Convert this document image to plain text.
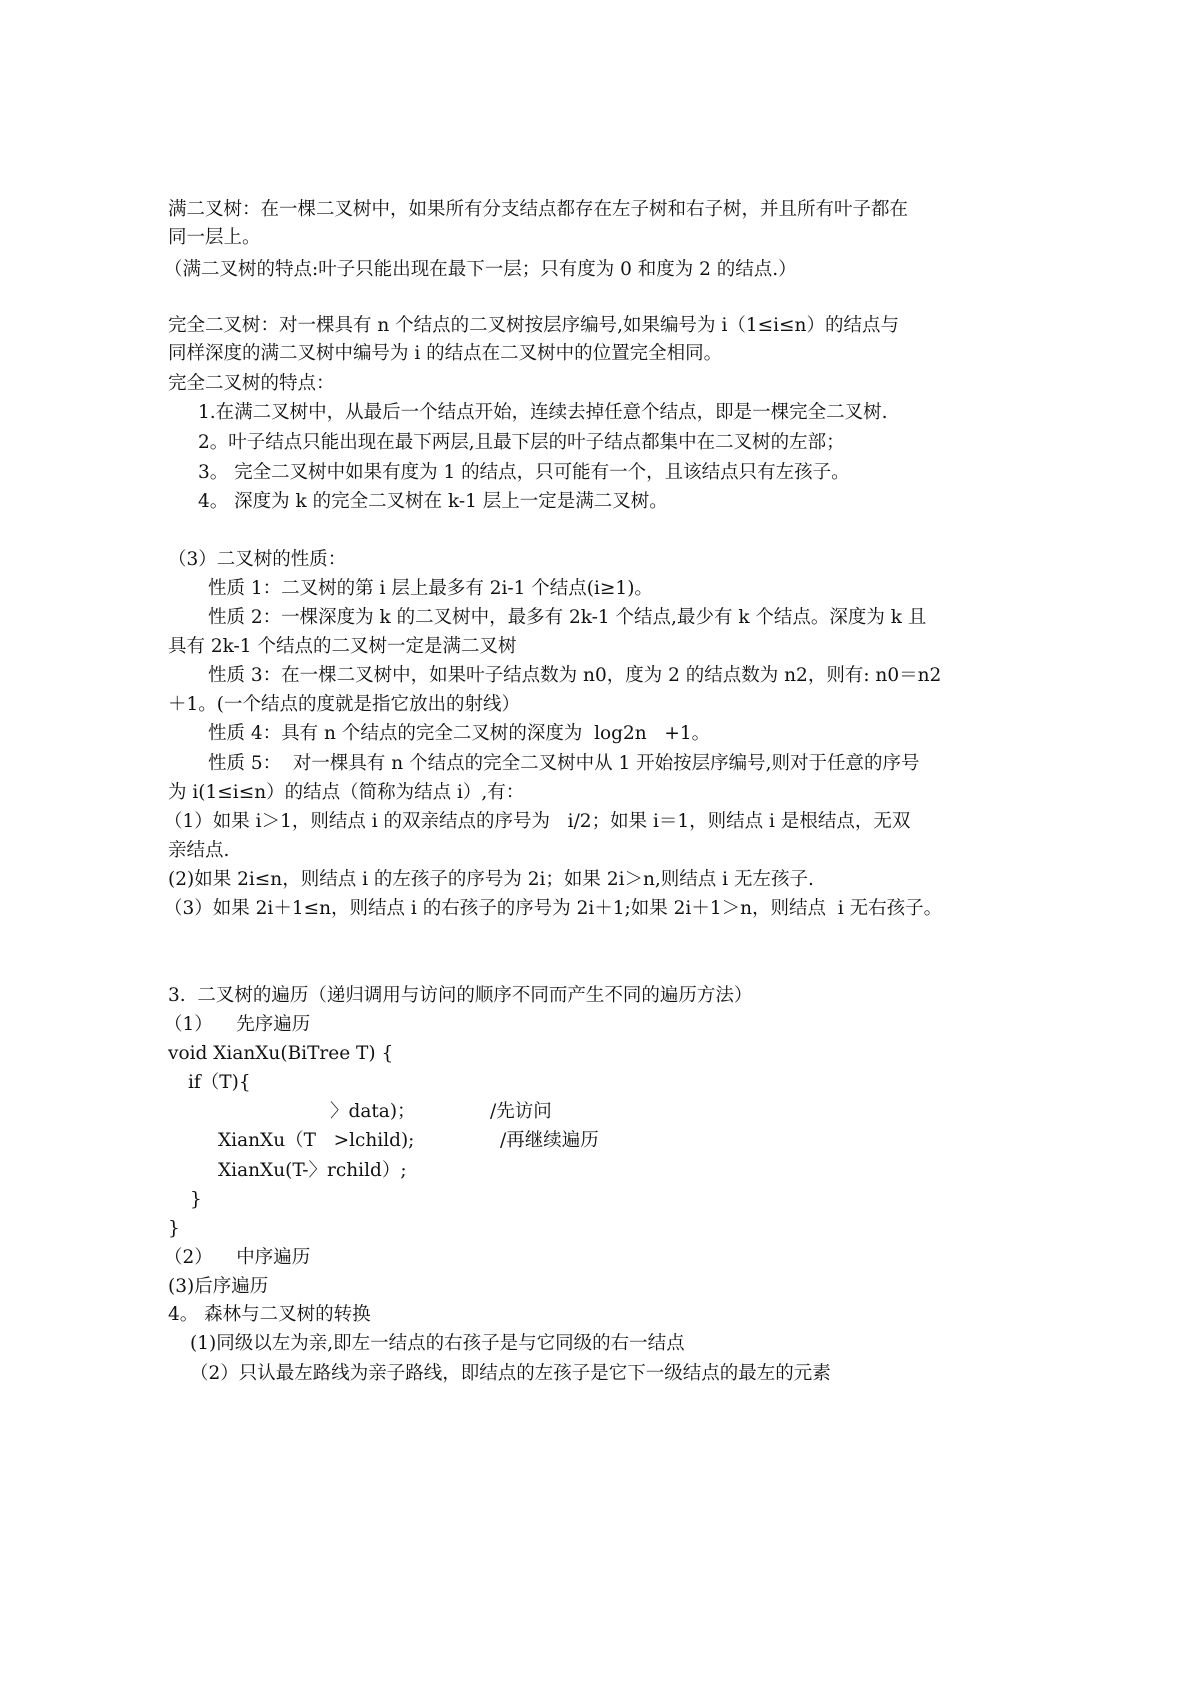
满二叉树：在一棵二叉树中，如果所有分支结点都存在左子树和右子树，并且所有叶子都在
同一层上。
（满二叉树的特点:叶子只能出现在最下一层；只有度为 0 和度为 2 的结点.）
完全二叉树：对一棵具有 n 个结点的二叉树按层序编号,如果编号为 i（1≤i≤n）的结点与
同样深度的满二叉树中编号为 i 的结点在二叉树中的位置完全相同。
完全二叉树的特点：
1.在满二叉树中，从最后一个结点开始，连续去掉任意个结点，即是一棵完全二叉树.
2。叶子结点只能出现在最下两层,且最下层的叶子结点都集中在二叉树的左部；
3。 完全二叉树中如果有度为 1 的结点，只可能有一个，且该结点只有左孩子。
4。 深度为 k 的完全二叉树在 k-1 层上一定是满二叉树。
（3）二叉树的性质：
性质 1：二叉树的第 i 层上最多有 2i-1 个结点(i≥1)。
性质 2：一棵深度为 k 的二叉树中，最多有 2k-1 个结点,最少有 k 个结点。深度为 k 且
具有 2k-1 个结点的二叉树一定是满二叉树
性质 3：在一棵二叉树中，如果叶子结点数为 n0，度为 2 的结点数为 n2，则有: n0＝n2
＋1。(一个结点的度就是指它放出的射线）
性质 4：具有 n 个结点的完全二叉树的深度为  log2n   +1。
性质 5：  对一棵具有 n 个结点的完全二叉树中从 1 开始按层序编号,则对于任意的序号
为 i(1≤i≤n）的结点（简称为结点 i）,有：
（1）如果 i＞1，则结点 i 的双亲结点的序号为   i/2；如果 i＝1，则结点 i 是根结点，无双
亲结点.
(2)如果 2i≤n，则结点 i 的左孩子的序号为 2i；如果 2i＞n,则结点 i 无左孩子.
（3）如果 2i＋1≤n，则结点 i 的右孩子的序号为 2i＋1;如果 2i＋1＞n，则结点  i 无右孩子。
3.  二叉树的遍历（递归调用与访问的顺序不同而产生不同的遍历方法）
（1）    先序遍历
void XianXu(BiTree T) {
if（T){
〉data)；	/先访问
XianXu（T   >lchild);	/再继续遍历
XianXu(T-〉rchild）;
}
}
（2）    中序遍历
(3)后序遍历
4。 森林与二叉树的转换
(1)同级以左为亲,即左一结点的右孩子是与它同级的右一结点
（2）只认最左路线为亲子路线，即结点的左孩子是它下一级结点的最左的元素
